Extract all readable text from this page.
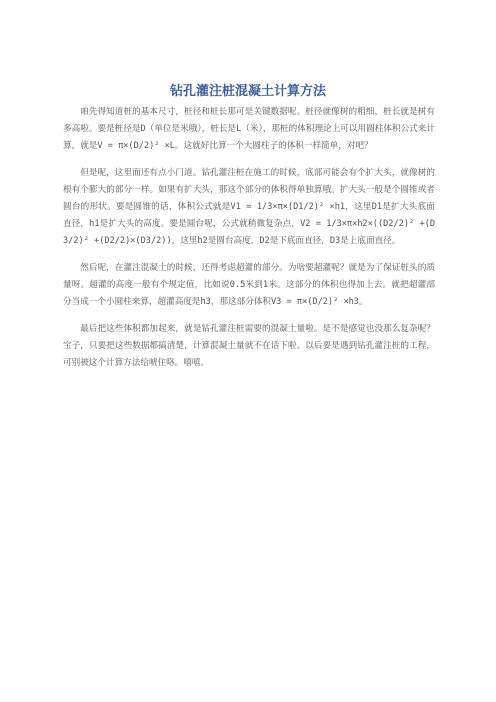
钻孔灌注桩混凝土计算方法

咱先得知道桩的基本尺寸，桩径和桩长那可是关键数据呢。桩径就像树的粗细，桩长就是树有多高啦。要是桩径是D（单位是米哦），桩长是L（米），那桩的体积理论上可以用圆柱体积公式来计算，就是V = π×(D/2)² ×L。这就好比算一个大圆柱子的体积一样简单，对吧？

但是呢，这里面还有点小门道。钻孔灌注桩在施工的时候，底部可能会有个扩大头，就像树的根有个膨大的部分一样。如果有扩大头，那这个部分的体积得单独算哦。扩大头一般是个圆锥或者圆台的形状。要是圆锥的话，体积公式就是V1 = 1/3×π×(D1/2)² ×h1，这里D1是扩大头底面直径，h1是扩大头的高度。要是圆台呢，公式就稍微复杂点，V2 = 1/3×π×h2×((D2/2)² +(D3/2)² +(D2/2)×(D3/2))，这里h2是圆台高度，D2是下底面直径，D3是上底面直径。

然后呢，在灌注混凝土的时候，还得考虑超灌的部分。为啥要超灌呢？就是为了保证桩头的质量呀。超灌的高度一般有个规定值，比如说0.5米到1米。这部分的体积也得加上去。就把超灌部分当成一个小圆柱来算，超灌高度是h3，那这部分体积V3 = π×(D/2)² ×h3。

最后把这些体积都加起来，就是钻孔灌注桩需要的混凝土量啦。是不是感觉也没那么复杂呢？宝子，只要把这些数据都搞清楚，计算混凝土量就不在话下啦。以后要是遇到钻孔灌注桩的工程，可别被这个计算方法给唬住咯。嘻嘻。
